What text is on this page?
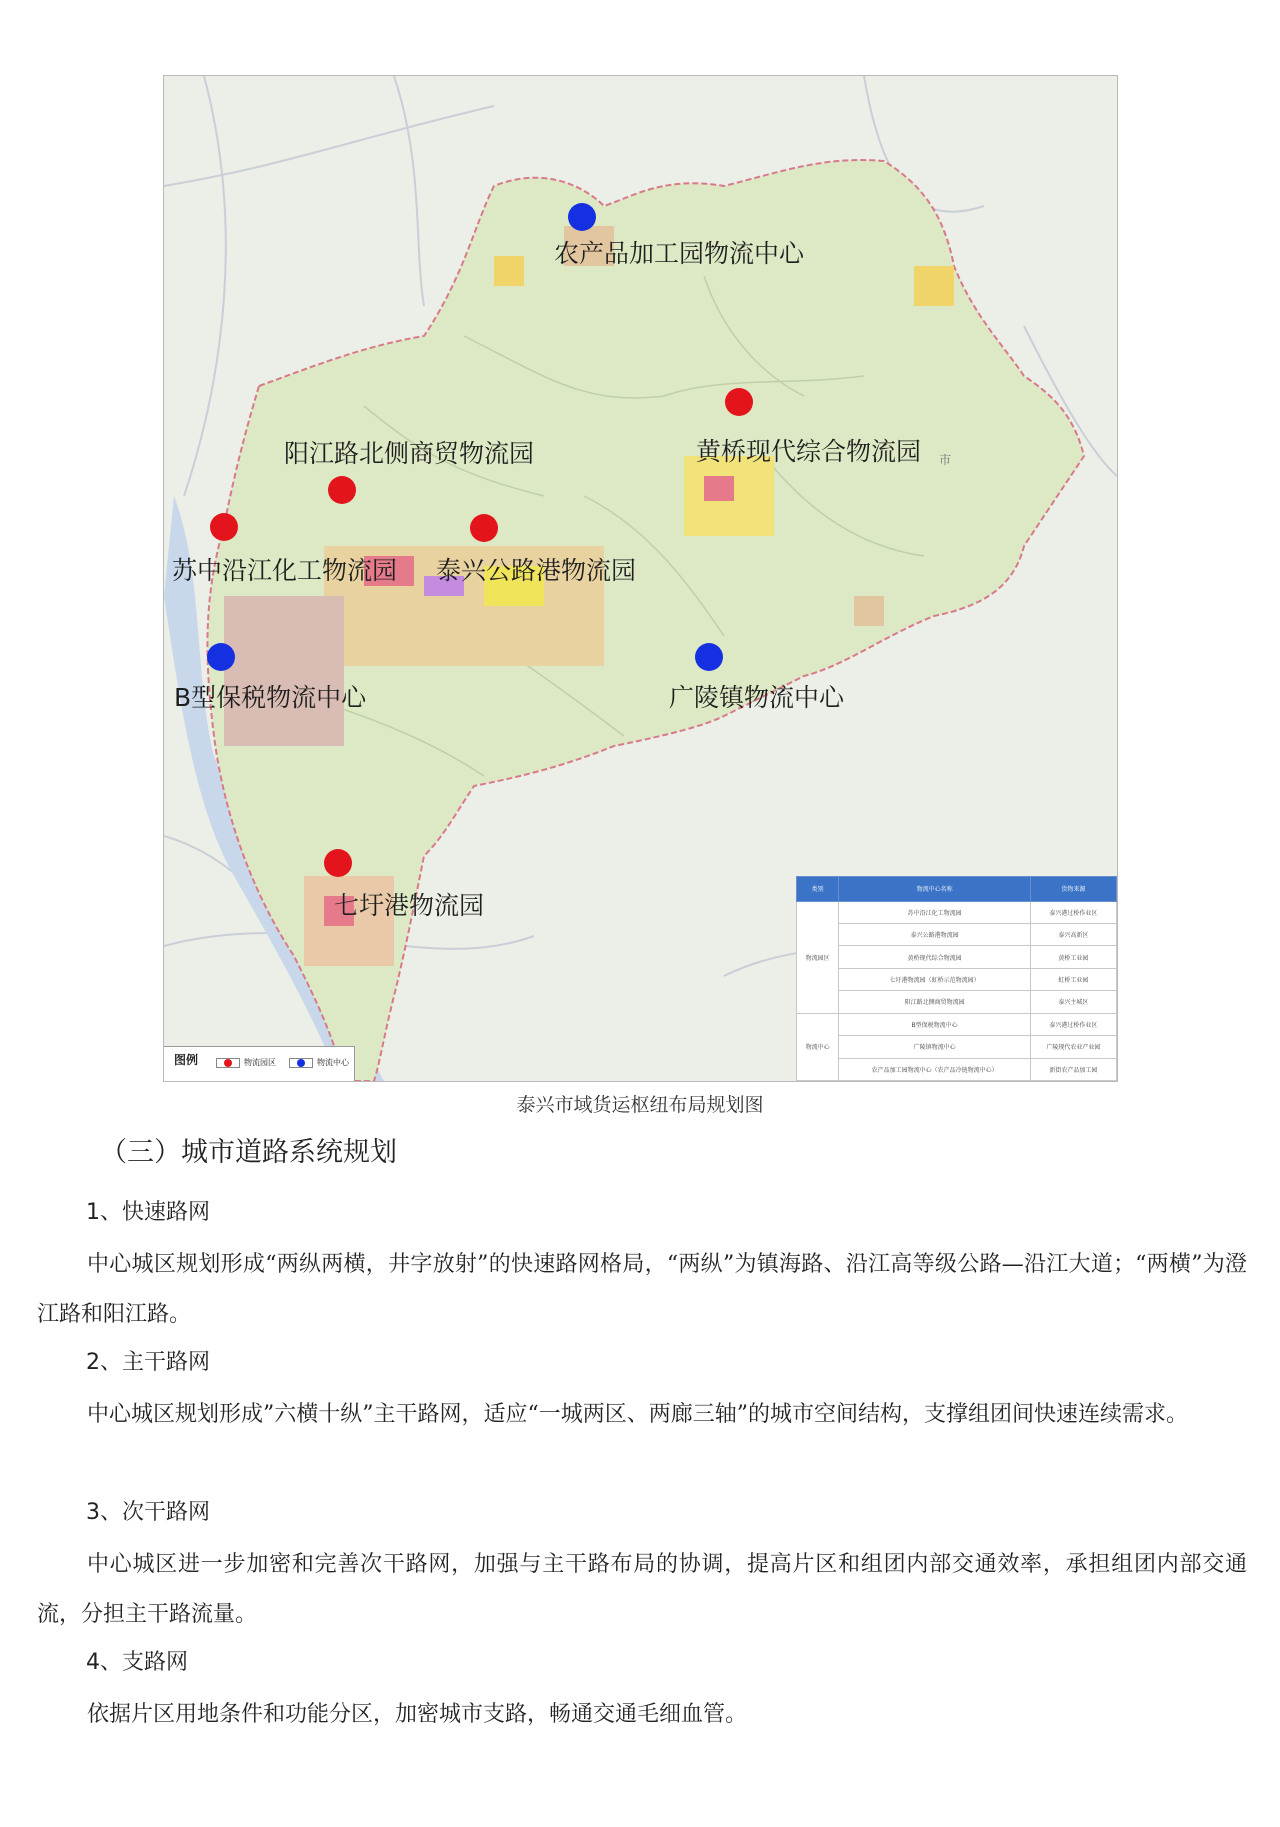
农产品加工园物流中心
黄桥现代综合物流园
阳江路北侧商贸物流园
苏中沿江化工物流园 泰兴公路港物流园
B型保税物流中心	广陵镇物流中心
七圩港物流园
市
类别	物流中心名称	货物来源
物流园区	苏中沿江化工物流园	泰兴港过桥作业区
	泰兴公路港物流园	泰兴高新区
	黄桥现代综合物流园	黄桥工业园
	七圩港物流园（虹桥示范物流园）	虹桥工业园
	阳江路北侧商贸物流园	泰兴主城区
物流中心	B型保税物流中心	泰兴港过桥作业区
	广陵镇物流中心	广陵现代农业产业园
	农产品加工园物流中心（农产品冷链物流中心）	新街农产品加工园
图例	物流园区	物流中心
泰兴市域货运枢纽布局规划图
（三）城市道路系统规划
1、快速路网
中心城区规划形成“两纵两横，井字放射”的快速路网格局，“两纵”为镇海路、沿江高等级公路—沿江大道；“两横”为澄江路和阳江路。
2、主干路网
中心城区规划形成”六横十纵”主干路网，适应“一城两区、两廊三轴”的城市空间结构，支撑组团间快速连续需求。
3、次干路网
中心城区进一步加密和完善次干路网，加强与主干路布局的协调，提高片区和组团内部交通效率，承担组团内部交通流，分担主干路流量。
4、支路网
依据片区用地条件和功能分区，加密城市支路，畅通交通毛细血管。
